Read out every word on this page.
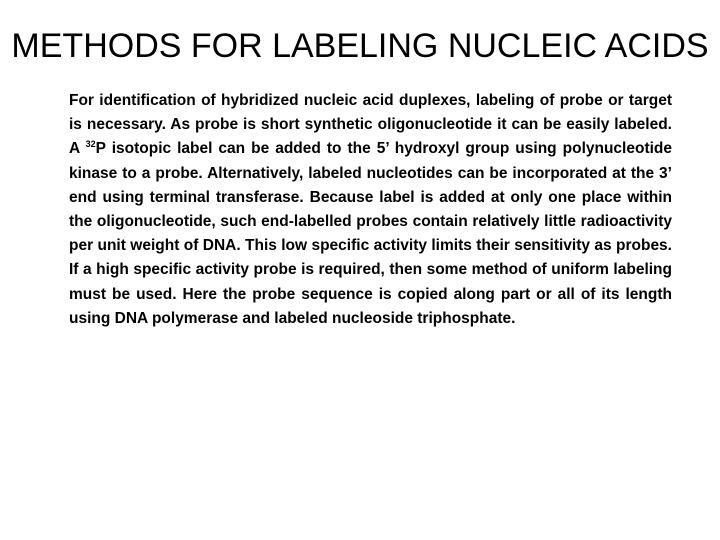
METHODS FOR LABELING NUCLEIC ACIDS

For identification of hybridized nucleic acid duplexes, labeling of probe or target is necessary. As probe is short synthetic oligonucleotide it can be easily labeled. A $^{32}$P isotopic label can be added to the 5’ hydroxyl group using polynucleotide kinase to a probe. Alternatively, labeled nucleotides can be incorporated at the 3’ end using terminal transferase. Because label is added at only one place within the oligonucleotide, such end-labelled probes contain relatively little radioactivity per unit weight of DNA. This low specific activity limits their sensitivity as probes. If a high specific activity probe is required, then some method of uniform labeling must be used. Here the probe sequence is copied along part or all of its length using DNA polymerase and labeled nucleoside triphosphate.
